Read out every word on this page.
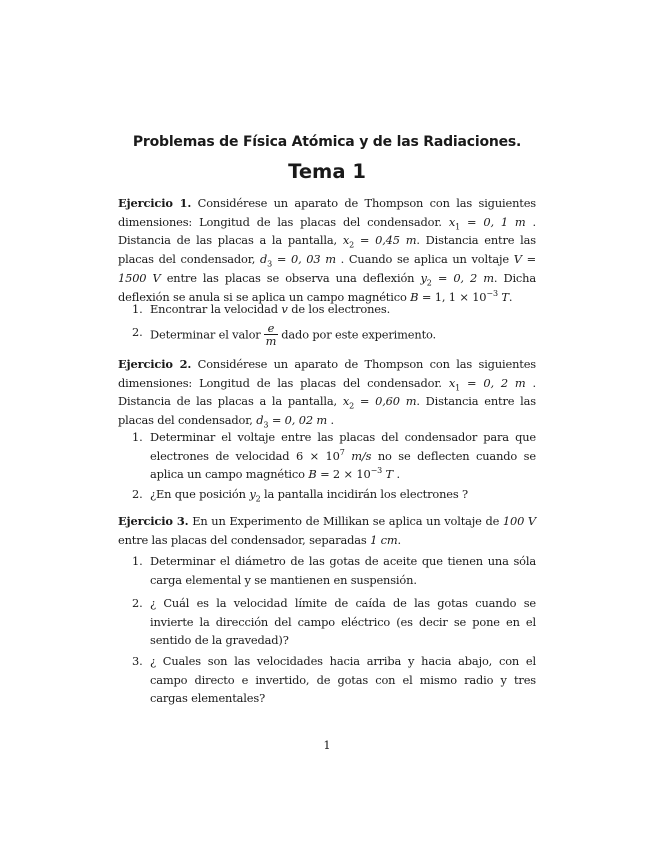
Problemas de Física Atómica y de las Radiaciones.
Tema 1

Ejercicio 1. Considérese un aparato de Thompson con las siguientes dimensiones: Longitud de las placas del condensador. $x_1 = 0$, 1 m . Distancia de las placas a la pantalla, $x_2 = 0,45$ m. Distancia entre las placas del condensador, $d_3 = 0$, 03 m . Cuando se aplica un voltaje V = 1500 V entre las placas se observa una deflexión $y_2 = 0$, 2 m. Dicha deflexión se anula si se aplica un campo magnético B = 1, $1 \times 10^{-3}$ T.

1. Encontrar la velocidad v de los electrones.
2. Determinar el valor $\frac{e}{m}$ dado por este experimento.

Ejercicio 2. Considérese un aparato de Thompson con las siguientes dimensiones: Longitud de las placas del condensador. $x_1 = 0$, 2 m . Distancia de las placas a la pantalla, $x_2 = 0,60$ m. Distancia entre las placas del condensador, $d_3 = 0$, 02 m .

1. Determinar el voltaje entre las placas del condensador para que electrones de velocidad $6 \times 10^7$ m/s no se deflecten cuando se aplica un campo magnético $B = 2 \times 10^{-3}$ T .
2. ¿En que posición $y_2$ la pantalla incidirán los electrones ?

Ejercicio 3. En un Experimento de Millikan se aplica un voltaje de 100 V entre las placas del condensador, separadas 1 cm.

1. Determinar el diámetro de las gotas de aceite que tienen una sóla carga elemental y se mantienen en suspensión.
2. ¿ Cuál es la velocidad límite de caída de las gotas cuando se invierte la dirección del campo eléctrico (es decir se pone en el sentido de la gravedad)?
3. ¿ Cuales son las velocidades hacia arriba y hacia abajo, con el campo directo e invertido, de gotas con el mismo radio y tres cargas elementales?
1
